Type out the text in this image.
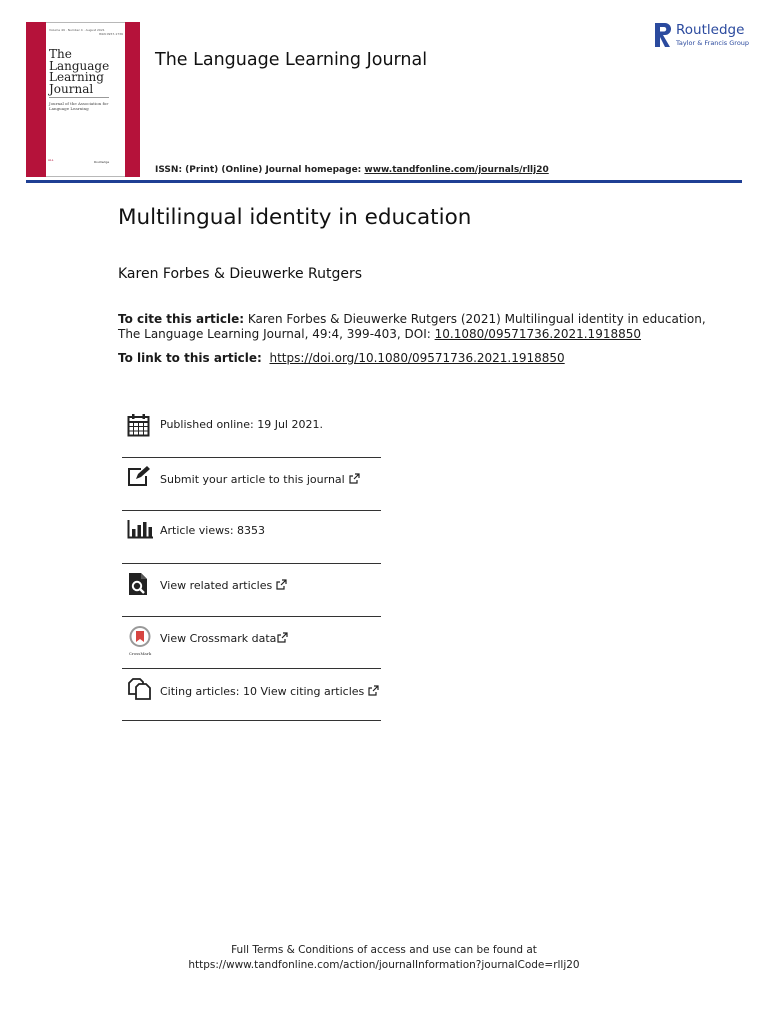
Volume 49 · Number 4 · August 2021
ISSN 0957-1736
The
Language
Learning
Journal
Journal of the Association for Language Learning
ALL	Routledge
The Language Learning Journal
ISSN: (Print) (Online) Journal homepage: www.tandfonline.com/journals/rllj20
Routledge
Taylor & Francis Group
Multilingual identity in education
Karen Forbes & Dieuwerke Rutgers
To cite this article: Karen Forbes & Dieuwerke Rutgers (2021) Multilingual identity in education, The Language Learning Journal, 49:4, 399-403, DOI: 10.1080/09571736.2021.1918850
To link to this article: https://doi.org/10.1080/09571736.2021.1918850
Published online: 19 Jul 2021.
Submit your article to this journal
Article views: 8353
View related articles
CrossMark
View Crossmark data
Citing articles: 10 View citing articles
Full Terms & Conditions of access and use can be found at
https://www.tandfonline.com/action/journalInformation?journalCode=rllj20
